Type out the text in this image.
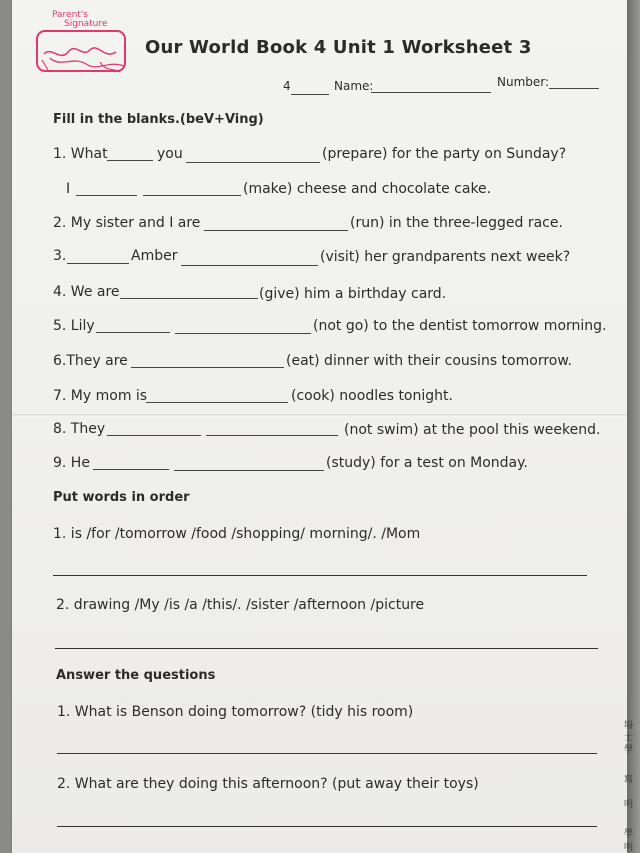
場
士
學
寫
明
學
明
Parent's
Signature
Our World Book 4 Unit 1 Worksheet 3
4	Name:	Number:
Fill in the blanks.(beV+Ving)
1. What	you	(prepare) for the party on Sunday?
I	(make) cheese and chocolate cake.
2. My sister and I are	(run) in the three-legged race.
3.	Amber	(visit) her grandparents next week?
4. We are	(give) him a birthday card.
5. Lily	(not go) to the dentist tomorrow morning.
6.They are	(eat) dinner with their cousins tomorrow.
7. My mom is	(cook) noodles tonight.
8. They	(not swim) at the pool this weekend.
9. He	(study) for a test on Monday.
Put words in order
1. is /for /tomorrow /food /shopping/ morning/. /Mom
2. drawing /My /is /a /this/. /sister /afternoon /picture
Answer the questions
1. What is Benson doing tomorrow? (tidy his room)
2. What are they doing this afternoon? (put away their toys)
